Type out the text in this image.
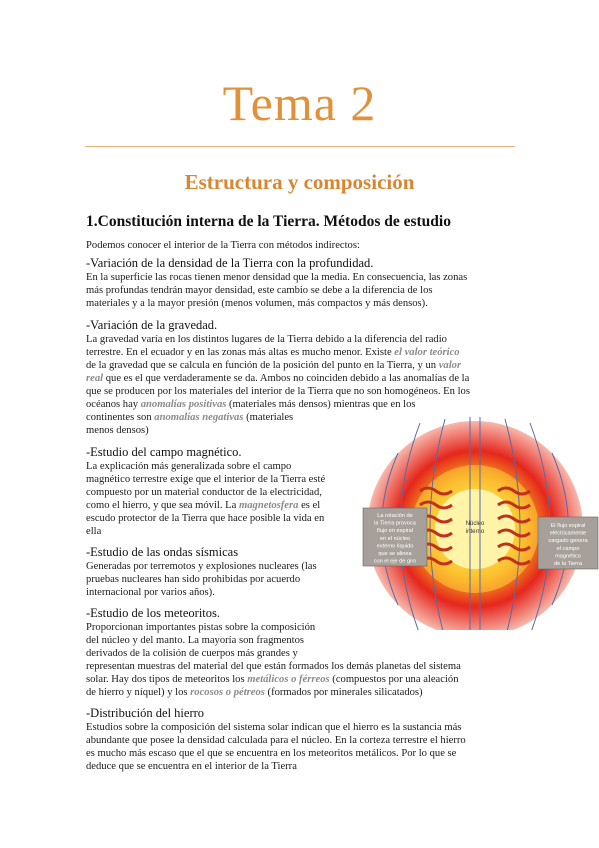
Tema 2
Estructura y composición
1.Constitución interna de la Tierra. Métodos de estudio

Podemos conocer el interior de la Tierra con métodos indirectos:

-Variación de la densidad de la Tierra con la profundidad.

En la superficie las rocas tienen menor densidad que la media. En consecuencia, las zonas

más profundas tendrán mayor densidad, este cambio se debe a la diferencia de los

materiales y a la mayor presión (menos volumen, más compactos y más densos).

-Variación de la gravedad.

La gravedad varía en los distintos lugares de la Tierra debido a la diferencia del radio

terrestre. En el ecuador y en las zonas más altas es mucho menor. Existe el valor teórico

de la gravedad que se calcula en función de la posición del punto en la Tierra, y un valor

real que es el que verdaderamente se da. Ambos no coinciden debido a las anomalías de la

que se producen por los materiales del interior de la Tierra que no son homogéneos. En los

océanos hay anomalías positivas (materiales más densos) mientras que en los

continentes son anomalías negativas (materiales

menos densos)

-Estudio del campo magnético.

La explicación más generalizada sobre el campo

magnético terrestre exige que el interior de la Tierra esté

compuesto por un material conductor de la electricidad,

como el hierro, y que sea móvil. La magnetosfera es el

escudo protector de la Tierra que hace posible la vida en

ella

-Estudio de las ondas sísmicas

Generadas por terremotos y explosiones nucleares (las

pruebas nucleares han sido prohibidas por acuerdo

internacional por varios años).

-Estudio de los meteoritos.

Proporcionan importantes pistas sobre la composición

del núcleo y del manto. La mayoría son fragmentos

derivados de la colisión de cuerpos más grandes y

representan muestras del material del que están formados los demás planetas del sistema

solar. Hay dos tipos de meteoritos los metálicos o férreos (compuestos por una aleación

de hierro y níquel) y los rocosos o pétreos (formados por minerales silicatados)

-Distribución del hierro

Estudios sobre la composición del sistema solar indican que el hierro es la sustancia más

abundante que posee la densidad calculada para el núcleo. En la corteza terrestre el hierro

es mucho más escaso que el que se encuentra en los meteoritos metálicos. Por lo que se

deduce que se encuentra en el interior de la Tierra

La rotación de
la Tierra provoca
flujo en espiral
en el núcleo
externo líquido
que se alinea
con el eje de giro
Núcleo
interno
El flujo espiral
eléctricamente
cargado genera
el campo
magnético
de la Tierra
